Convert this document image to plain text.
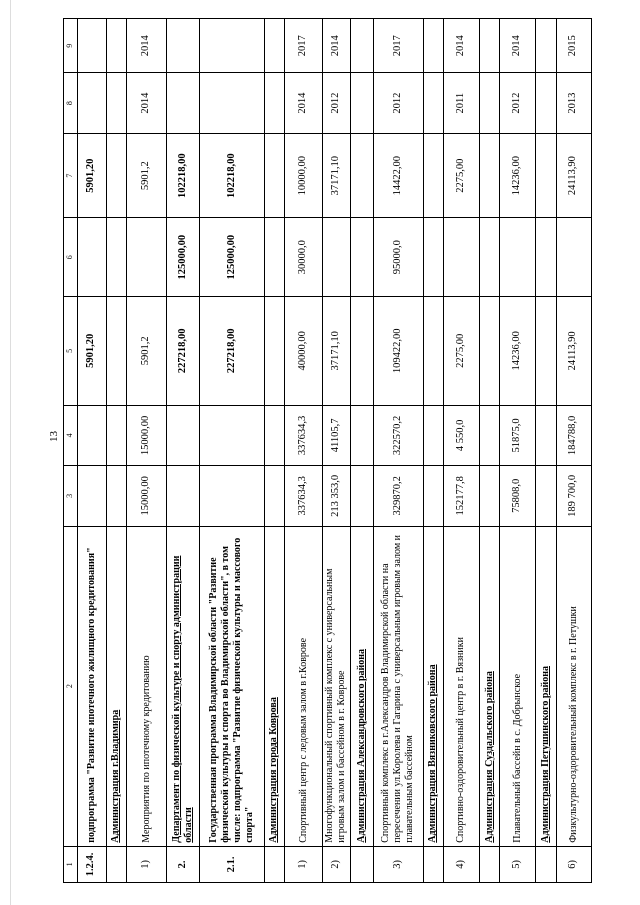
13
1	2	3	4	5	6	7	8	9
1.2.4.	подпрограмма "Развитие ипотечного жилищного кредитования"			5901,20		5901,20		
	Администрация г.Владимира							
1)	Мероприятия по ипотечному кредитованию	15000,00	15000,00	5901,2		5901,2	2014	2014
2.	Департамент по физической культуре и спорту администрации области			227218,00	125000,00	102218,00		
2.1.	Государственная программа Владимирской области "Развитие физической культуры и спорта во Владимирской области", в том числе: подпрограмма "Развитие физической культуры и массового спорта"			227218,00	125000,00	102218,00		
	Администрация города Коврова							
1)	Спортивный центр с ледовым залом в г.Коврове	337634,3	337634,3	40000,00	30000,0	10000,00	2014	2017
2)	Многофункциональный спортивный комплекс с универсальным игровым залом и бассейном в г. Коврове	213 353,0	41105,7	37171,10		37171,10	2012	2014
	Администрация Александровского района							
3)	Спортивный комплекс в г.Александров Владимирской области на пересечении ул.Королева и Гагарина с универсальным игровым залом и плавательным бассейном	329870,2	322570,2	109422,00	95000,0	14422,00	2012	2017
	Администрация Вязниковского района							
4)	Спортивно-оздоровительный центр в г. Вязники	152177,8	4 550,0	2275,00		2275,00	2011	2014
	Администрация Суздальского района							
5)	Плавательный бассейн в с. Добрынское	75808,0	51875,0	14236,00		14236,00	2012	2014
	Администрация Петушинского района							
6)	Физкультурно-оздоровительный комплекс в г. Петушки	189 700,0	184788,0	24113,90		24113,90	2013	2015
